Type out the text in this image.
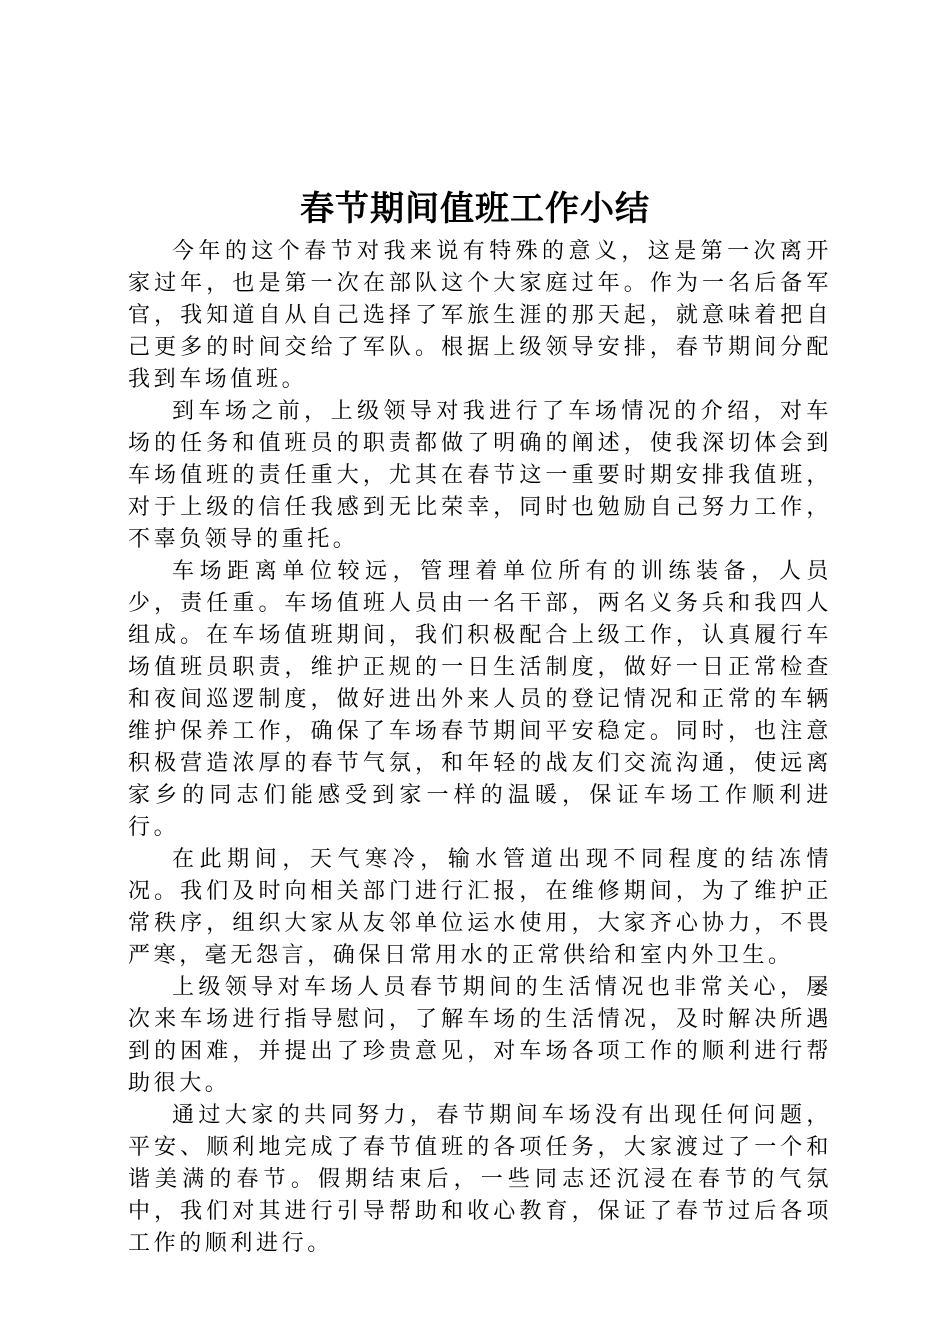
春节期间值班工作小结

今年的这个春节对我来说有特殊的意义，这是第一次离开家过年，也是第一次在部队这个大家庭过年。作为一名后备军官，我知道自从自己选择了军旅生涯的那天起，就意味着把自己更多的时间交给了军队。根据上级领导安排，春节期间分配我到车场值班。

到车场之前，上级领导对我进行了车场情况的介绍，对车场的任务和值班员的职责都做了明确的阐述，使我深切体会到车场值班的责任重大，尤其在春节这一重要时期安排我值班，对于上级的信任我感到无比荣幸，同时也勉励自己努力工作，不辜负领导的重托。

车场距离单位较远，管理着单位所有的训练装备，人员少，责任重。车场值班人员由一名干部，两名义务兵和我四人组成。在车场值班期间，我们积极配合上级工作，认真履行车场值班员职责，维护正规的一日生活制度，做好一日正常检查和夜间巡逻制度，做好进出外来人员的登记情况和正常的车辆维护保养工作，确保了车场春节期间平安稳定。同时，也注意积极营造浓厚的春节气氛，和年轻的战友们交流沟通，使远离家乡的同志们能感受到家一样的温暖，保证车场工作顺利进行。

在此期间，天气寒冷，输水管道出现不同程度的结冻情况。我们及时向相关部门进行汇报，在维修期间，为了维护正常秩序，组织大家从友邻单位运水使用，大家齐心协力，不畏严寒，毫无怨言，确保日常用水的正常供给和室内外卫生。

上级领导对车场人员春节期间的生活情况也非常关心，屡次来车场进行指导慰问，了解车场的生活情况，及时解决所遇到的困难，并提出了珍贵意见，对车场各项工作的顺利进行帮助很大。

通过大家的共同努力，春节期间车场没有出现任何问题，平安、顺利地完成了春节值班的各项任务，大家渡过了一个和谐美满的春节。假期结束后，一些同志还沉浸在春节的气氛中，我们对其进行引导帮助和收心教育，保证了春节过后各项工作的顺利进行。
